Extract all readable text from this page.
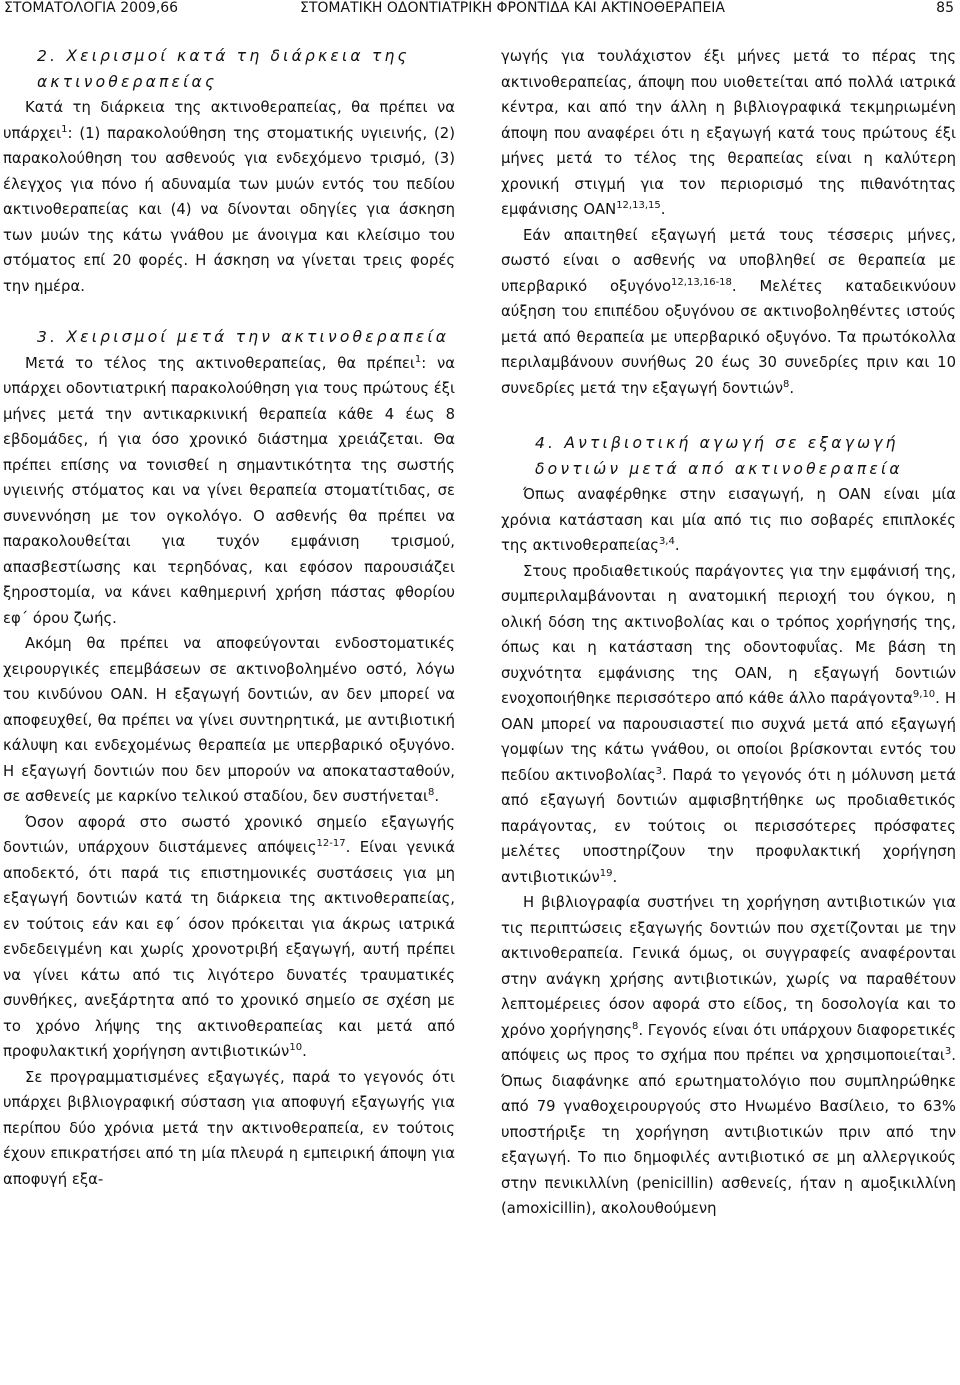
ΣΤΟΜΑΤΟΛΟΓΙΑ 2009,66	ΣΤΟΜΑΤΙΚΗ ΟΔΟΝΤΙΑΤΡΙΚΗ ΦΡΟΝΤΙΔΑ ΚΑΙ ΑΚΤΙΝΟΘΕΡΑΠΕΙΑ	85
2. Χειρισμοί κατά τη διάρκεια της ακτινοθεραπείας

Κατά τη διάρκεια της ακτινοθεραπείας, θα πρέπει να υπάρχει$^1$: (1) παρακολούθηση της στοματικής υγιεινής, (2) παρακολούθηση του ασθενούς για ενδεχόμενο τρισμό, (3) έλεγχος για πόνο ή αδυναμία των μυών εντός του πεδίου ακτινοθεραπείας και (4) να δίνονται οδηγίες για άσκηση των μυών της κάτω γνάθου με άνοιγμα και κλείσιμο του στόματος επί 20 φορές. Η άσκηση να γίνεται τρεις φορές την ημέρα.

3. Χειρισμοί μετά την ακτινοθεραπεία

Μετά το τέλος της ακτινοθεραπείας, θα πρέπει$^1$: να υπάρχει οδοντιατρική παρακολούθηση για τους πρώτους έξι μήνες μετά την αντικαρκινική θεραπεία κάθε 4 έως 8 εβδομάδες, ή για όσο χρονικό διάστημα χρειάζεται. Θα πρέπει επίσης να τονισθεί η σημαντικότητα της σωστής υγιεινής στόματος και να γίνει θεραπεία στοματίτιδας, σε συνεννόηση με τον ογκολόγο. Ο ασθενής θα πρέπει να παρακολουθείται για τυχόν εμφάνιση τρισμού, απασβεστίωσης και τερηδόνας, και εφόσον παρουσιάζει ξηροστομία, να κάνει καθημερινή χρήση πάστας φθορίου εφ΄ όρου ζωής.

Ακόμη θα πρέπει να αποφεύγονται ενδοστοματικές χειρουργικές επεμβάσεων σε ακτινοβολημένο οστό, λόγω του κινδύνου ΟΑΝ. Η εξαγωγή δοντιών, αν δεν μπορεί να αποφευχθεί, θα πρέπει να γίνει συντηρητικά, με αντιβιοτική κάλυψη και ενδεχομένως θεραπεία με υπερβαρικό οξυγόνο. Η εξαγωγή δοντιών που δεν μπορούν να αποκατασταθούν, σε ασθενείς με καρκίνο τελικού σταδίου, δεν συστήνεται$^8$.

Όσον αφορά στο σωστό χρονικό σημείο εξαγωγής δοντιών, υπάρχουν διιστάμενες απόψεις$^{12-17}$. Είναι γενικά αποδεκτό, ότι παρά τις επιστημονικές συστάσεις για μη εξαγωγή δοντιών κατά τη διάρκεια της ακτινοθεραπείας, εν τούτοις εάν και εφ΄ όσον πρόκειται για άκρως ιατρικά ενδεδειγμένη και χωρίς χρονοτριβή εξαγωγή, αυτή πρέπει να γίνει κάτω από τις λιγότερο δυνατές τραυματικές συνθήκες, ανεξάρτητα από το χρονικό σημείο σε σχέση με το χρόνο λήψης της ακτινοθεραπείας και μετά από προφυλακτική χορήγηση αντιβιοτικών$^{10}$.

Σε προγραμματισμένες εξαγωγές, παρά το γεγονός ότι υπάρχει βιβλιογραφική σύσταση για αποφυγή εξαγωγής για περίπου δύο χρόνια μετά την ακτινοθεραπεία, εν τούτοις έχουν επικρατήσει από τη μία πλευρά η εμπειρική άποψη για αποφυγή εξα-

γωγής για τουλάχιστον έξι μήνες μετά το πέρας της ακτινοθεραπείας, άποψη που υιοθετείται από πολλά ιατρικά κέντρα, και από την άλλη η βιβλιογραφικά τεκμηριωμένη άποψη που αναφέρει ότι η εξαγωγή κατά τους πρώτους έξι μήνες μετά το τέλος της θεραπείας είναι η καλύτερη χρονική στιγμή για τον περιορισμό της πιθανότητας εμφάνισης ΟΑΝ$^{12,13,15}$.

Εάν απαιτηθεί εξαγωγή μετά τους τέσσερις μήνες, σωστό είναι ο ασθενής να υποβληθεί σε θεραπεία με υπερβαρικό οξυγόνο$^{12,13,16-18}$. Μελέτες καταδεικνύουν αύξηση του επιπέδου οξυγόνου σε ακτινοβοληθέντες ιστούς μετά από θεραπεία με υπερβαρικό οξυγόνο. Τα πρωτόκολλα περιλαμβάνουν συνήθως 20 έως 30 συνεδρίες πριν και 10 συνεδρίες μετά την εξαγωγή δοντιών$^8$.

4. Αντιβιοτική αγωγή σε εξαγωγή δοντιών μετά από ακτινοθεραπεία

Όπως αναφέρθηκε στην εισαγωγή, η ΟΑΝ είναι μία χρόνια κατάσταση και μία από τις πιο σοβαρές επιπλοκές της ακτινοθεραπείας$^{3,4}$.

Στους προδιαθετικούς παράγοντες για την εμφάνισή της, συμπεριλαμβάνονται η ανατομική περιοχή του όγκου, η ολική δόση της ακτινοβολίας και ο τρόπος χορήγησής της, όπως και η κατάσταση της οδοντοφυΐας. Με βάση τη συχνότητα εμφάνισης της ΟΑΝ, η εξαγωγή δοντιών ενοχοποιήθηκε περισσότερο από κάθε άλλο παράγοντα$^{9,10}$. Η ΟΑΝ μπορεί να παρουσιαστεί πιο συχνά μετά από εξαγωγή γομφίων της κάτω γνάθου, οι οποίοι βρίσκονται εντός του πεδίου ακτινοβολίας$^3$. Παρά το γεγονός ότι η μόλυνση μετά από εξαγωγή δοντιών αμφισβητήθηκε ως προδιαθετικός παράγοντας, εν τούτοις οι περισσότερες πρόσφατες μελέτες υποστηρίζουν την προφυλακτική χορήγηση αντιβιοτικών$^{19}$.

Η βιβλιογραφία συστήνει τη χορήγηση αντιβιοτικών για τις περιπτώσεις εξαγωγής δοντιών που σχετίζονται με την ακτινοθεραπεία. Γενικά όμως, οι συγγραφείς αναφέρονται στην ανάγκη χρήσης αντιβιοτικών, χωρίς να παραθέτουν λεπτομέρειες όσον αφορά στο είδος, τη δοσολογία και το χρόνο χορήγησης$^8$. Γεγονός είναι ότι υπάρχουν διαφορετικές απόψεις ως προς το σχήμα που πρέπει να χρησιμοποιείται$^3$. Όπως διαφάνηκε από ερωτηματολόγιο που συμπληρώθηκε από 79 γναθοχειρουργούς στο Ηνωμένο Βασίλειο, το 63% υποστήριξε τη χορήγηση αντιβιοτικών πριν από την εξαγωγή. Το πιο δημοφιλές αντιβιοτικό σε μη αλλεργικούς στην πενικιλλίνη (penicillin) ασθενείς, ήταν η αμοξικιλλίνη (amoxicillin), ακολουθούμενη
